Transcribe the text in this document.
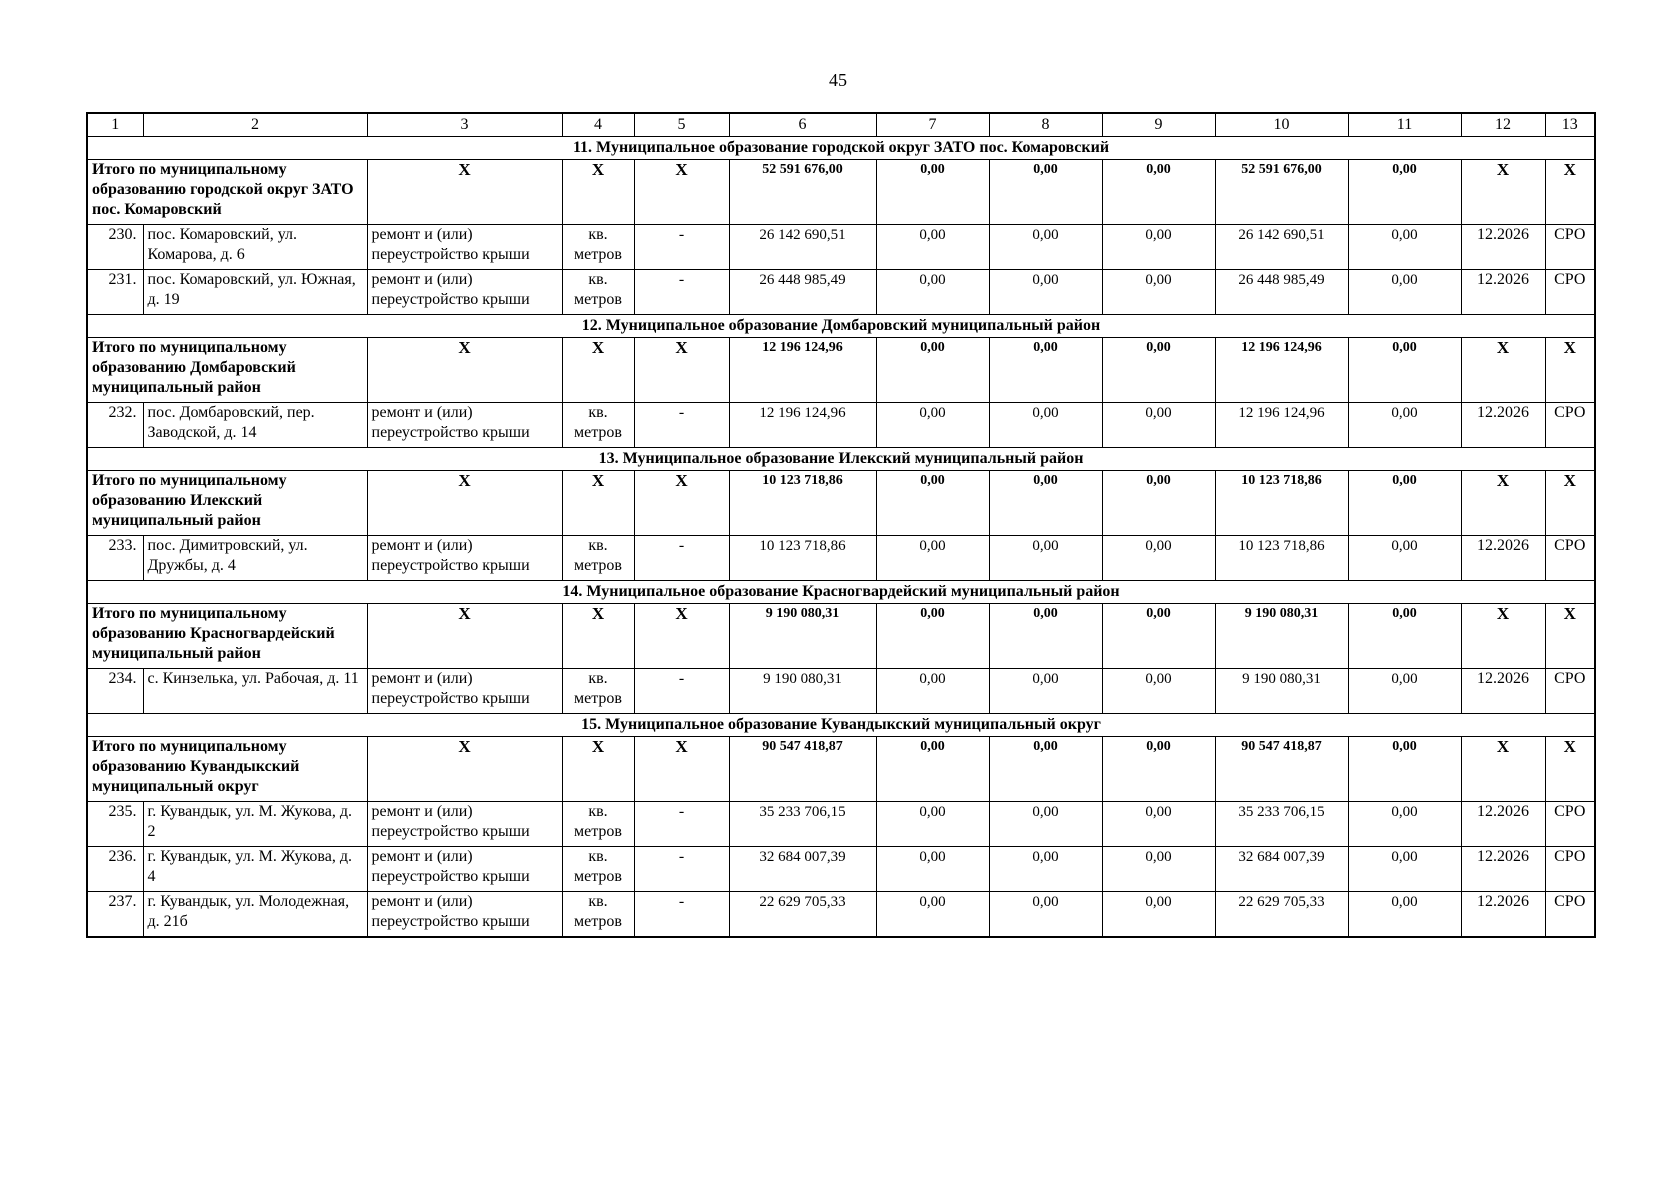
45
1	2	3	4	5	6	7	8	9	10	11	12	13
11. Муниципальное образование городской округ ЗАТО пос. Комаровский												
Итого по муниципальному образованию городской округ ЗАТО пос. Комаровский		X	X	X	52 591 676,00	0,00	0,00	0,00	52 591 676,00	0,00	X	X
230.	пос. Комаровский, ул. Комарова, д. 6	ремонт и (или) переустройство крыши	кв. метров	-	26 142 690,51	0,00	0,00	0,00	26 142 690,51	0,00	12.2026	СРО
231.	пос. Комаровский, ул. Южная, д. 19	ремонт и (или) переустройство крыши	кв. метров	-	26 448 985,49	0,00	0,00	0,00	26 448 985,49	0,00	12.2026	СРО
12. Муниципальное образование Домбаровский муниципальный район												
Итого по муниципальному образованию Домбаровский муниципальный район		X	X	X	12 196 124,96	0,00	0,00	0,00	12 196 124,96	0,00	X	X
232.	пос. Домбаровский, пер. Заводской, д. 14	ремонт и (или) переустройство крыши	кв. метров	-	12 196 124,96	0,00	0,00	0,00	12 196 124,96	0,00	12.2026	СРО
13. Муниципальное образование Илекский муниципальный район												
Итого по муниципальному образованию Илекский муниципальный район		X	X	X	10 123 718,86	0,00	0,00	0,00	10 123 718,86	0,00	X	X
233.	пос. Димитровский, ул. Дружбы, д. 4	ремонт и (или) переустройство крыши	кв. метров	-	10 123 718,86	0,00	0,00	0,00	10 123 718,86	0,00	12.2026	СРО
14. Муниципальное образование Красногвардейский муниципальный район												
Итого по муниципальному образованию Красногвардейский муниципальный район		X	X	X	9 190 080,31	0,00	0,00	0,00	9 190 080,31	0,00	X	X
234.	с. Кинзелька, ул. Рабочая, д. 11	ремонт и (или) переустройство крыши	кв. метров	-	9 190 080,31	0,00	0,00	0,00	9 190 080,31	0,00	12.2026	СРО
15. Муниципальное образование Кувандыкский муниципальный округ												
Итого по муниципальному образованию Кувандыкский муниципальный округ		X	X	X	90 547 418,87	0,00	0,00	0,00	90 547 418,87	0,00	X	X
235.	г. Кувандык, ул. М. Жукова, д. 2	ремонт и (или) переустройство крыши	кв. метров	-	35 233 706,15	0,00	0,00	0,00	35 233 706,15	0,00	12.2026	СРО
236.	г. Кувандык, ул. М. Жукова, д. 4	ремонт и (или) переустройство крыши	кв. метров	-	32 684 007,39	0,00	0,00	0,00	32 684 007,39	0,00	12.2026	СРО
237.	г. Кувандык, ул. Молодежная, д. 21б	ремонт и (или) переустройство крыши	кв. метров	-	22 629 705,33	0,00	0,00	0,00	22 629 705,33	0,00	12.2026	СРО
